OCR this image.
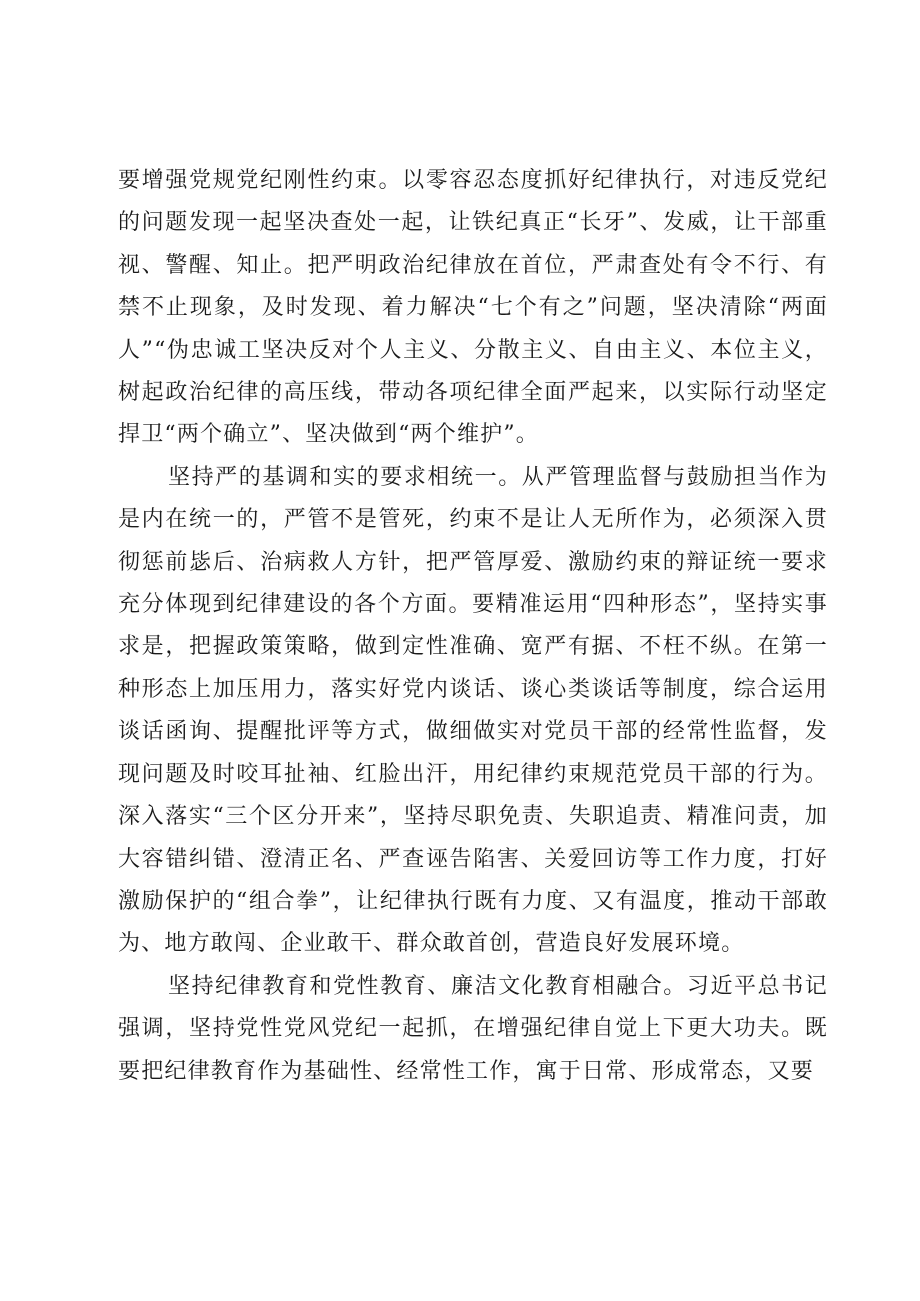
要增强党规党纪刚性约束。以零容忍态度抓好纪律执行，对违反党纪的问题发现一起坚决查处一起，让铁纪真正“长牙”、发威，让干部重视、警醒、知止。把严明政治纪律放在首位，严肃查处有令不行、有禁不止现象，及时发现、着力解决“七个有之”问题，坚决清除“两面人”“伪忠诚工坚决反对个人主义、分散主义、自由主义、本位主义，树起政治纪律的高压线，带动各项纪律全面严起来，以实际行动坚定捍卫“两个确立”、坚决做到“两个维护”。

坚持严的基调和实的要求相统一。从严管理监督与鼓励担当作为是内在统一的，严管不是管死，约束不是让人无所作为，必须深入贯彻惩前毖后、治病救人方针，把严管厚爱、激励约束的辩证统一要求充分体现到纪律建设的各个方面。要精准运用“四种形态”，坚持实事求是，把握政策策略，做到定性准确、宽严有据、不枉不纵。在第一种形态上加压用力，落实好党内谈话、谈心类谈话等制度，综合运用谈话函询、提醒批评等方式，做细做实对党员干部的经常性监督，发现问题及时咬耳扯袖、红脸出汗，用纪律约束规范党员干部的行为。深入落实“三个区分开来”，坚持尽职免责、失职追责、精准问责，加大容错纠错、澄清正名、严查诬告陷害、关爱回访等工作力度，打好激励保护的“组合拳”，让纪律执行既有力度、又有温度，推动干部敢为、地方敢闯、企业敢干、群众敢首创，营造良好发展环境。

坚持纪律教育和党性教育、廉洁文化教育相融合。习近平总书记强调，坚持党性党风党纪一起抓，在增强纪律自觉上下更大功夫。既要把纪律教育作为基础性、经常性工作，寓于日常、形成常态，又要
